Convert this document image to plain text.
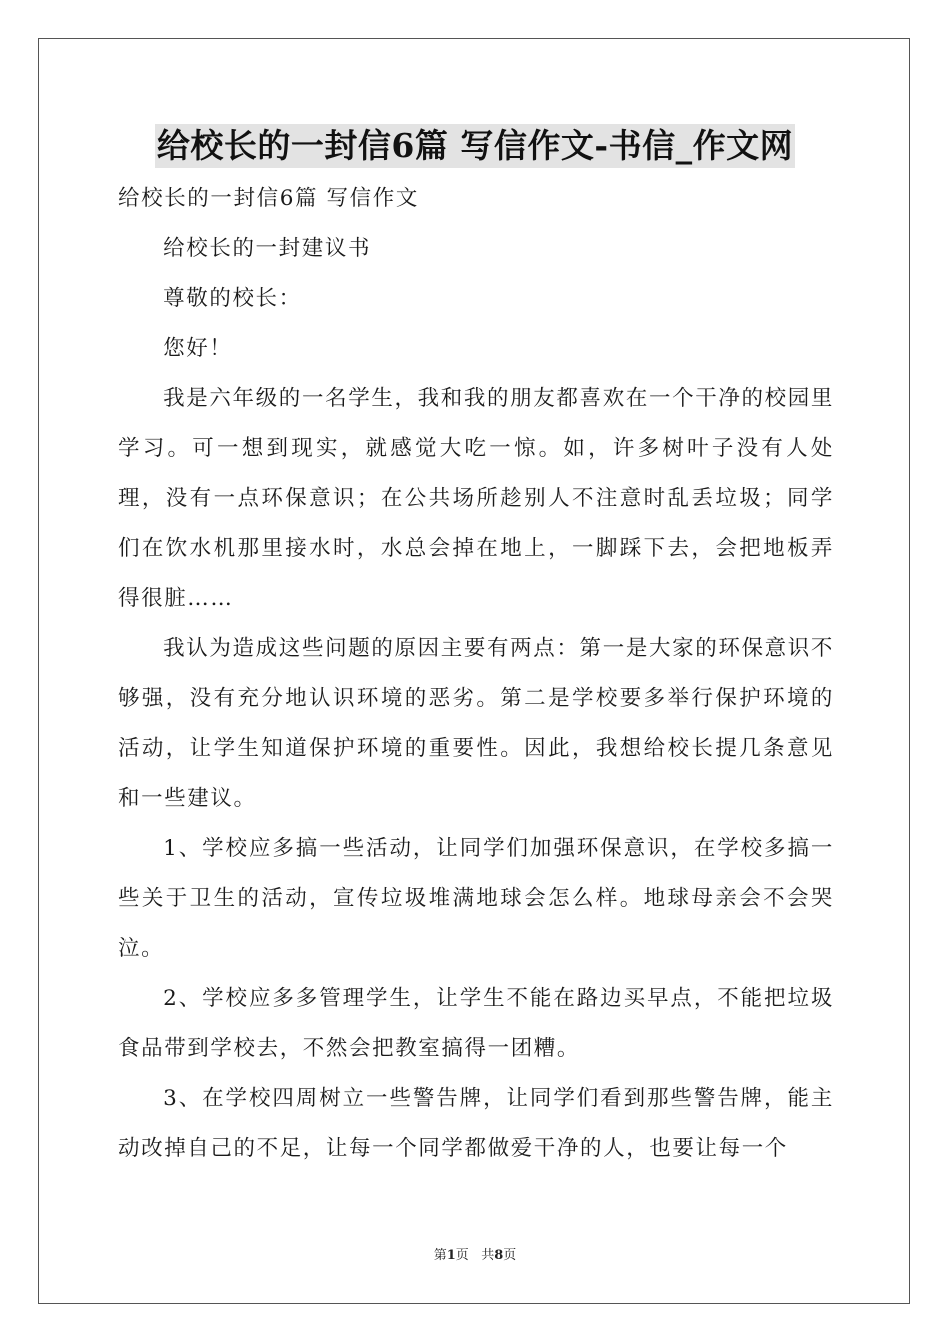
给校长的一封信6篇 写信作文-书信_作文网
给校长的一封信6篇 写信作文

给校长的一封建议书

尊敬的校长：

您好！

我是六年级的一名学生，我和我的朋友都喜欢在一个干净的校园里学习。可一想到现实，就感觉大吃一惊。如，许多树叶子没有人处理，没有一点环保意识；在公共场所趁别人不注意时乱丢垃圾；同学们在饮水机那里接水时，水总会掉在地上，一脚踩下去，会把地板弄得很脏……

我认为造成这些问题的原因主要有两点：第一是大家的环保意识不够强，没有充分地认识环境的恶劣。第二是学校要多举行保护环境的活动，让学生知道保护环境的重要性。因此，我想给校长提几条意见和一些建议。

1、学校应多搞一些活动，让同学们加强环保意识，在学校多搞一些关于卫生的活动，宣传垃圾堆满地球会怎么样。地球母亲会不会哭泣。

2、学校应多多管理学生，让学生不能在路边买早点，不能把垃圾食品带到学校去，不然会把教室搞得一团糟。

3、在学校四周树立一些警告牌，让同学们看到那些警告牌，能主动改掉自己的不足，让每一个同学都做爱干净的人，也要让每一个

第1页 共8页
